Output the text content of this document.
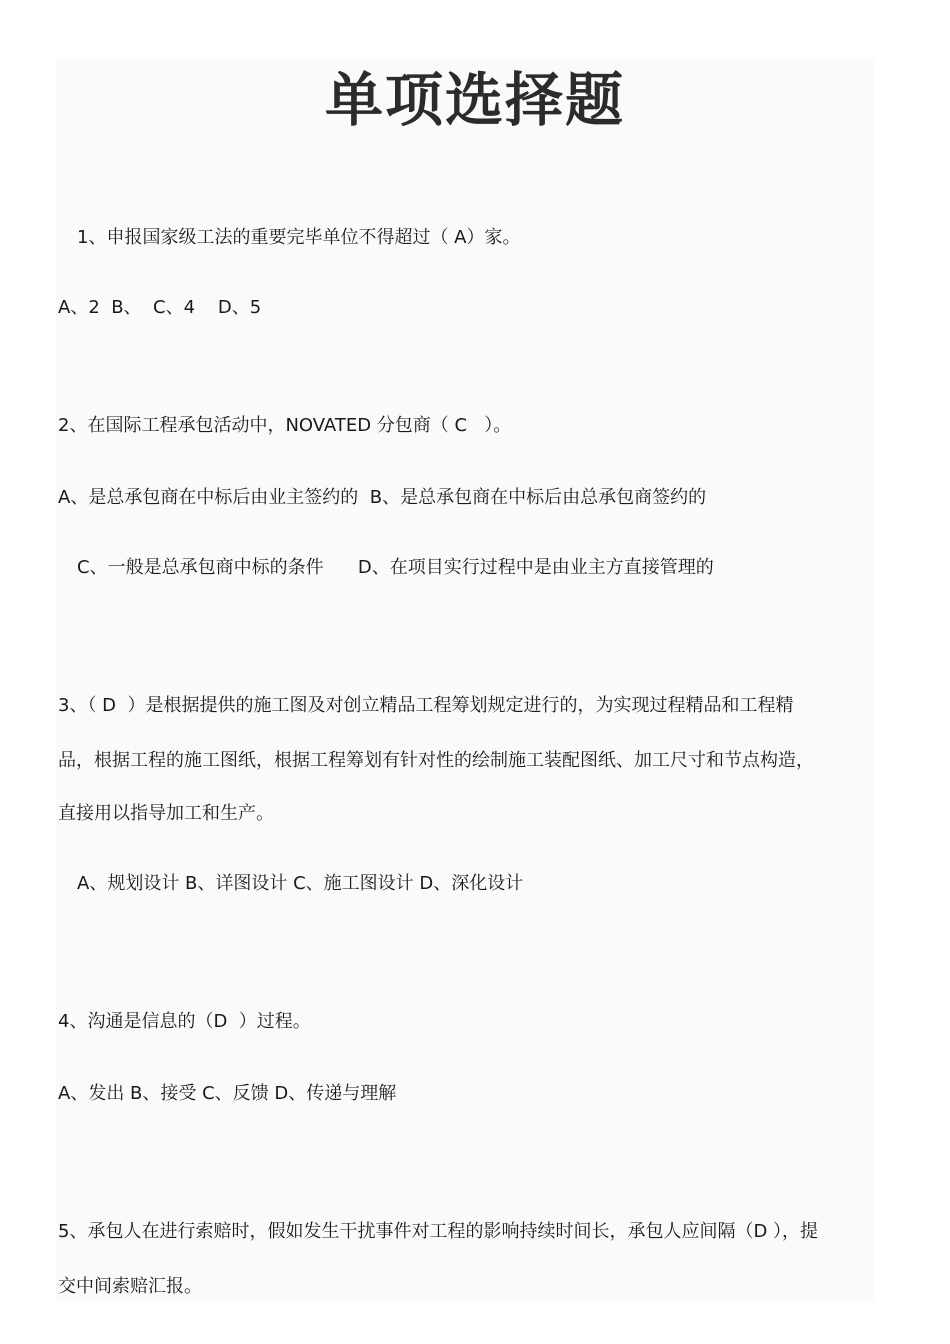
单项选择题
1、申报国家级工法的重要完毕单位不得超过（ A）家。
A、2  B、  C、4    D、5
2、在国际工程承包活动中，NOVATED 分包商（ C   ）。
A、是总承包商在中标后由业主签约的  B、是总承包商在中标后由总承包商签约的
C、一般是总承包商中标的条件      D、在项目实行过程中是由业主方直接管理的
3、（ D  ）是根据提供的施工图及对创立精品工程筹划规定进行的，为实现过程精品和工程精
品，根据工程的施工图纸，根据工程筹划有针对性的绘制施工装配图纸、加工尺寸和节点构造，
直接用以指导加工和生产。
A、规划设计 B、详图设计 C、施工图设计 D、深化设计
4、沟通是信息的（D  ）过程。
A、发出 B、接受 C、反馈 D、传递与理解
5、承包人在进行索赔时，假如发生干扰事件对工程的影响持续时间长，承包人应间隔（D ），提
交中间索赔汇报。
